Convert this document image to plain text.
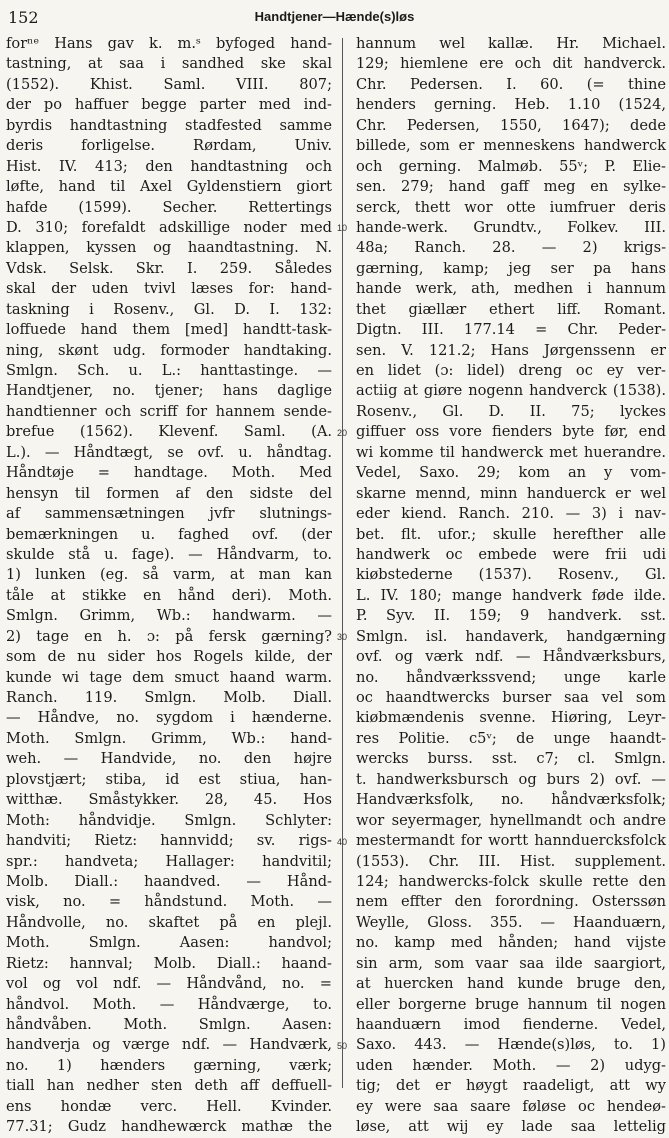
152	Handtjener—Hænde(s)løs
forⁿᵉ Hans gav k. m.ˢ byfoged hand-
tastning, at saa i sandhed ske skal
(1552). Khist. Saml. VIII. 807;
der po haffuer begge parter med ind-
byrdis handtastning stadfested samme
deris forligelse. Rørdam, Univ.
Hist. IV. 413; den handtastning och
løfte, hand til Axel Gyldenstiern giort
hafde (1599). Secher. Rettertings
D. 310; forefaldt adskillige noder med
klappen, kyssen og haandtastning. N.
Vdsk. Selsk. Skr. I. 259. Således
skal der uden tvivl læses for: hand-
taskning i Rosenv., Gl. D. I. 132:
loffuede hand them [med] handtt-task-
ning, skønt udg. formoder handtaking.
Smlgn. Sch. u. L.: hanttastinge. —
Handtjener, no. tjener; hans daglige
handtienner och scriff for hannem sende-
brefue (1562). Klevenf. Saml. (A.
L.). — Håndtægt, se ovf. u. håndtag.
Håndtøje = handtage. Moth. Med
hensyn til formen af den sidste del
af sammensætningen jvfr slutnings-
bemærkningen u. faghed ovf. (der
skulde stå u. fage). — Håndvarm, to.
1) lunken (eg. så varm, at man kan
tåle at stikke en hånd deri). Moth.
Smlgn. Grimm, Wb.: handwarm. —
2) tage en h. ɔ: på fersk gærning?
som de nu sider hos Rogels kilde, der
kunde wi tage dem smuct haand warm.
Ranch. 119. Smlgn. Molb. Diall.
— Håndve, no. sygdom i hænderne.
Moth. Smlgn. Grimm, Wb.: hand-
weh. — Handvide, no. den højre
plovstjært; stiba, id est stiua, han-
witthæ. Småstykker. 28, 45. Hos
Moth: håndvidje. Smlgn. Schlyter:
handviti; Rietz: hannvidd; sv. rigs-
spr.: handveta; Hallager: handvitil;
Molb. Diall.: haandved. — Hånd-
visk, no. = håndstund. Moth. —
Håndvolle, no. skaftet på en plejl.
Moth. Smlgn. Aasen: handvol;
Rietz: hannval; Molb. Diall.: haand-
vol og vol ndf. — Håndvånd, no. =
håndvol. Moth. — Håndværge, to.
håndvåben. Moth. Smlgn. Aasen:
handverja og værge ndf. — Handværk,
no. 1) hænders gærning, værk;
tiall han nedher sten deth aff deffuell-
ens hondæ verc. Hell. Kvinder.
77.31; Gudz handhewærck mathæ the
hannum wel kallæ. Hr. Michael.
129; hiemlene ere och dit handverck.
Chr. Pedersen. I. 60. (= thine
henders gerning. Heb. 1.10 (1524,
Chr. Pedersen, 1550, 1647); dede
billede, som er menneskens handwerck
och gerning. Malmøb. 55ᵛ; P. Elie-
sen. 279; hand gaff meg en sylke-
serck, thett wor otte iumfruer deris
hande-werk. Grundtv., Folkev. III.
48a; Ranch. 28. — 2) krigs-
gærning, kamp; jeg ser pa hans
hande werk, ath, medhen i hannum
thet giællær ethert liff. Romant.
Digtn. III. 177.14 = Chr. Peder-
sen. V. 121.2; Hans Jørgenssenn er
en lidet (ɔ: lidel) dreng oc ey ver-
actiig at giøre nogenn handverck (1538).
Rosenv., Gl. D. II. 75; lyckes
giffuer oss vore fienders byte før, end
wi komme til handwerck met huerandre.
Vedel, Saxo. 29; kom an y vom-
skarne mennd, minn handuerck er wel
eder kiend. Ranch. 210. — 3) i nav-
bet. flt. ufor.; skulle herefther alle
handwerk oc embede were frii udi
kiøbstederne (1537). Rosenv., Gl.
L. IV. 180; mange handverk føde ilde.
P. Syv. II. 159; 9 handverk. sst.
Smlgn. isl. handaverk, handgærning
ovf. og værk ndf. — Håndværksburs,
no. håndværkssvend; unge karle
oc haandtwercks burser saa vel som
kiøbmændenis svenne. Hiøring, Leyr-
res Politie. c5ᵛ; de unge haandt-
wercks burss. sst. c7; cl. Smlgn.
t. handwerksbursch og burs 2) ovf. —
Handværksfolk, no. håndværksfolk;
wor seyermager, hynellmandt och andre
mestermandt for wortt hannduercksfolck
(1553). Chr. III. Hist. supplement.
124; handwercks-folck skulle rette den
nem effter den forordning. Osterssøn
Weylle, Gloss. 355. — Haanduærn,
no. kamp med hånden; hand vijste
sin arm, som vaar saa ilde saargiort,
at huercken hand kunde bruge den,
eller borgerne bruge hannum til nogen
haanduærn imod fienderne. Vedel,
Saxo. 443. — Hænde(s)løs, to. 1)
uden hænder. Moth. — 2) udyg-
tig; det er høygt raadeligt, att wy
ey were saa saare føløse oc hendeø-
løse, att wij ey lade saa lettelig
10
20
30
40
50
